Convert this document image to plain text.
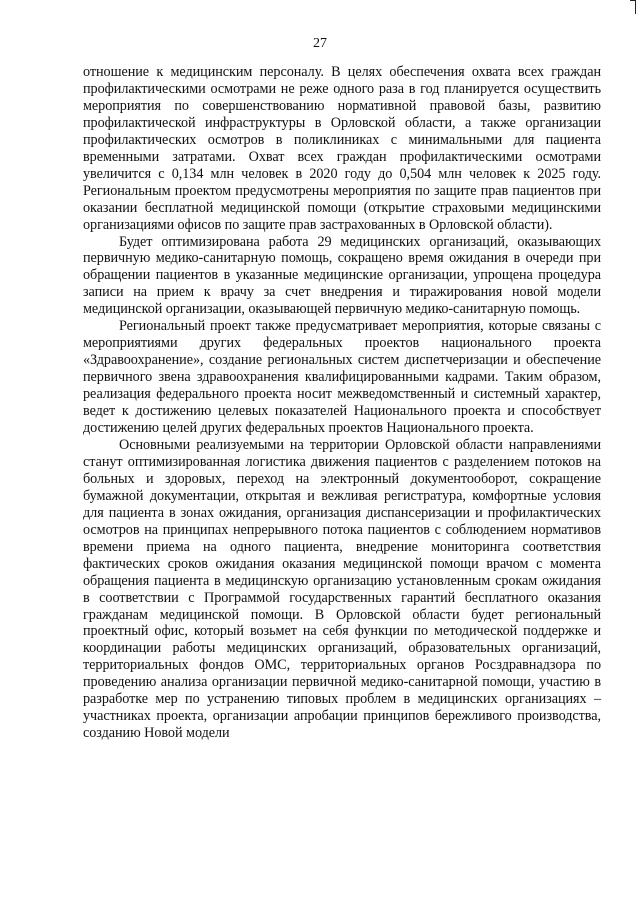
27

отношение к медицинским персоналу. В целях обеспечения охвата всех граждан профилактическими осмотрами не реже одного раза в год планируется осуществить мероприятия по совершенствованию нормативной правовой базы, развитию профилактической инфраструктуры в Орловской области, а также организации профилактических осмотров в поликлиниках с минимальными для пациента временными затратами. Охват всех граждан профилактическими осмотрами увеличится с 0,134 млн человек в 2020 году до 0,504 млн человек к 2025 году. Региональным проектом предусмотрены мероприятия по защите прав пациентов при оказании бесплатной медицинской помощи (открытие страховыми медицинскими организациями офисов по защите прав застрахованных в Орловской области).

Будет оптимизирована работа 29 медицинских организаций, оказывающих первичную медико-санитарную помощь, сокращено время ожидания в очереди при обращении пациентов в указанные медицинские организации, упрощена процедура записи на прием к врачу за счет внедрения и тиражирования новой модели медицинской организации, оказывающей первичную медико-санитарную помощь.

Региональный проект также предусматривает мероприятия, которые связаны с мероприятиями других федеральных проектов национального проекта «Здравоохранение», создание региональных систем диспетчеризации и обеспечение первичного звена здравоохранения квалифицированными кадрами. Таким образом, реализация федерального проекта носит межведомственный и системный характер, ведет к достижению целевых показателей Национального проекта и способствует достижению целей других федеральных проектов Национального проекта.

Основными реализуемыми на территории Орловской области направлениями станут оптимизированная логистика движения пациентов с разделением потоков на больных и здоровых, переход на электронный документооборот, сокращение бумажной документации, открытая и вежливая регистратура, комфортные условия для пациента в зонах ожидания, организация диспансеризации и профилактических осмотров на принципах непрерывного потока пациентов с соблюдением нормативов времени приема на одного пациента, внедрение мониторинга соответствия фактических сроков ожидания оказания медицинской помощи врачом с момента обращения пациента в медицинскую организацию установленным срокам ожидания в соответствии с Программой государственных гарантий бесплатного оказания гражданам медицинской помощи. В Орловской области будет региональный проектный офис, который возьмет на себя функции по методической поддержке и координации работы медицинских организаций, образовательных организаций, территориальных фондов ОМС, территориальных органов Росздравнадзора по проведению анализа организации первичной медико-санитарной помощи, участию в разработке мер по устранению типовых проблем в медицинских организациях – участниках проекта, организации апробации принципов бережливого производства, созданию Новой модели
